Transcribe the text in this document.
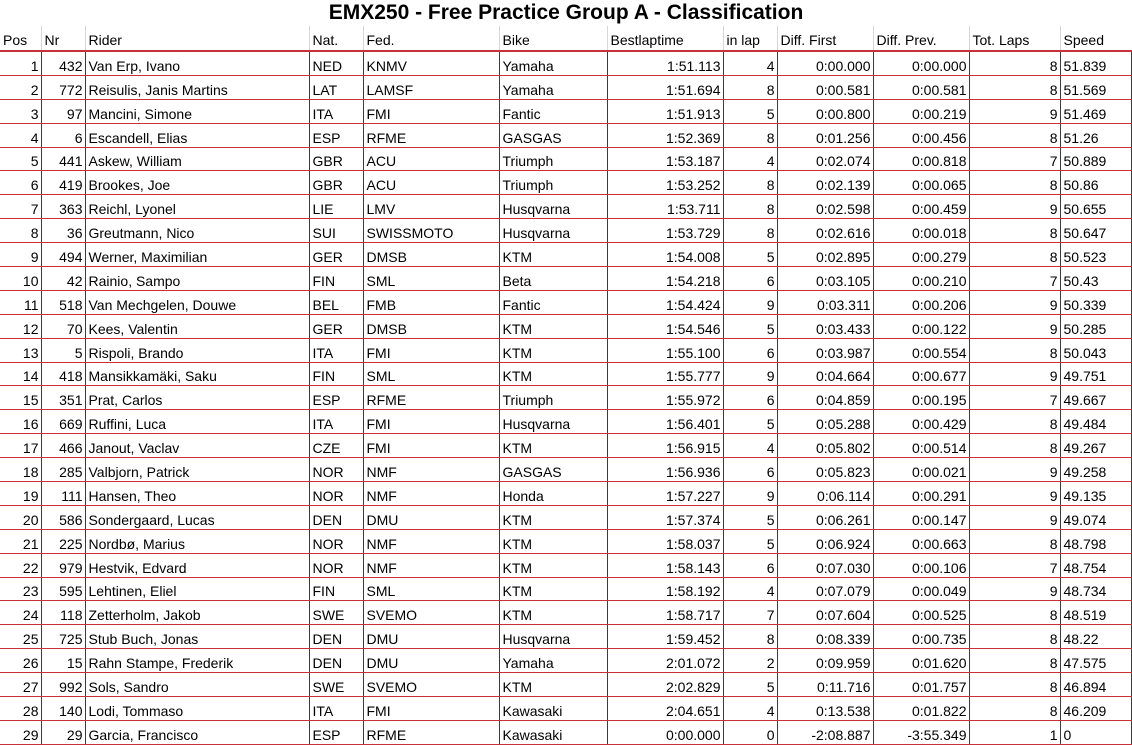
EMX250 - Free Practice Group A - Classification
Pos	Nr	Rider	Nat.	Fed.	Bike	Bestlaptime	in lap	Diff. First	Diff. Prev.	Tot. Laps	Speed
1	432	Van Erp, Ivano	NED	KNMV	Yamaha	1:51.113	4	0:00.000	0:00.000	8	51.839
2	772	Reisulis, Janis Martins	LAT	LAMSF	Yamaha	1:51.694	8	0:00.581	0:00.581	8	51.569
3	97	Mancini, Simone	ITA	FMI	Fantic	1:51.913	5	0:00.800	0:00.219	9	51.469
4	6	Escandell, Elias	ESP	RFME	GASGAS	1:52.369	8	0:01.256	0:00.456	8	51.26
5	441	Askew, William	GBR	ACU	Triumph	1:53.187	4	0:02.074	0:00.818	7	50.889
6	419	Brookes, Joe	GBR	ACU	Triumph	1:53.252	8	0:02.139	0:00.065	8	50.86
7	363	Reichl, Lyonel	LIE	LMV	Husqvarna	1:53.711	8	0:02.598	0:00.459	9	50.655
8	36	Greutmann, Nico	SUI	SWISSMOTO	Husqvarna	1:53.729	8	0:02.616	0:00.018	8	50.647
9	494	Werner, Maximilian	GER	DMSB	KTM	1:54.008	5	0:02.895	0:00.279	8	50.523
10	42	Rainio, Sampo	FIN	SML	Beta	1:54.218	6	0:03.105	0:00.210	7	50.43
11	518	Van Mechgelen, Douwe	BEL	FMB	Fantic	1:54.424	9	0:03.311	0:00.206	9	50.339
12	70	Kees, Valentin	GER	DMSB	KTM	1:54.546	5	0:03.433	0:00.122	9	50.285
13	5	Rispoli, Brando	ITA	FMI	KTM	1:55.100	6	0:03.987	0:00.554	8	50.043
14	418	Mansikkamäki, Saku	FIN	SML	KTM	1:55.777	9	0:04.664	0:00.677	9	49.751
15	351	Prat, Carlos	ESP	RFME	Triumph	1:55.972	6	0:04.859	0:00.195	7	49.667
16	669	Ruffini, Luca	ITA	FMI	Husqvarna	1:56.401	5	0:05.288	0:00.429	8	49.484
17	466	Janout, Vaclav	CZE	FMI	KTM	1:56.915	4	0:05.802	0:00.514	8	49.267
18	285	Valbjorn, Patrick	NOR	NMF	GASGAS	1:56.936	6	0:05.823	0:00.021	9	49.258
19	111	Hansen, Theo	NOR	NMF	Honda	1:57.227	9	0:06.114	0:00.291	9	49.135
20	586	Sondergaard, Lucas	DEN	DMU	KTM	1:57.374	5	0:06.261	0:00.147	9	49.074
21	225	Nordbø, Marius	NOR	NMF	KTM	1:58.037	5	0:06.924	0:00.663	8	48.798
22	979	Hestvik, Edvard	NOR	NMF	KTM	1:58.143	6	0:07.030	0:00.106	7	48.754
23	595	Lehtinen, Eliel	FIN	SML	KTM	1:58.192	4	0:07.079	0:00.049	9	48.734
24	118	Zetterholm, Jakob	SWE	SVEMO	KTM	1:58.717	7	0:07.604	0:00.525	8	48.519
25	725	Stub Buch, Jonas	DEN	DMU	Husqvarna	1:59.452	8	0:08.339	0:00.735	8	48.22
26	15	Rahn Stampe, Frederik	DEN	DMU	Yamaha	2:01.072	2	0:09.959	0:01.620	8	47.575
27	992	Sols, Sandro	SWE	SVEMO	KTM	2:02.829	5	0:11.716	0:01.757	8	46.894
28	140	Lodi, Tommaso	ITA	FMI	Kawasaki	2:04.651	4	0:13.538	0:01.822	8	46.209
29	29	Garcia, Francisco	ESP	RFME	Kawasaki	0:00.000	0	-2:08.887	-3:55.349	1	0
